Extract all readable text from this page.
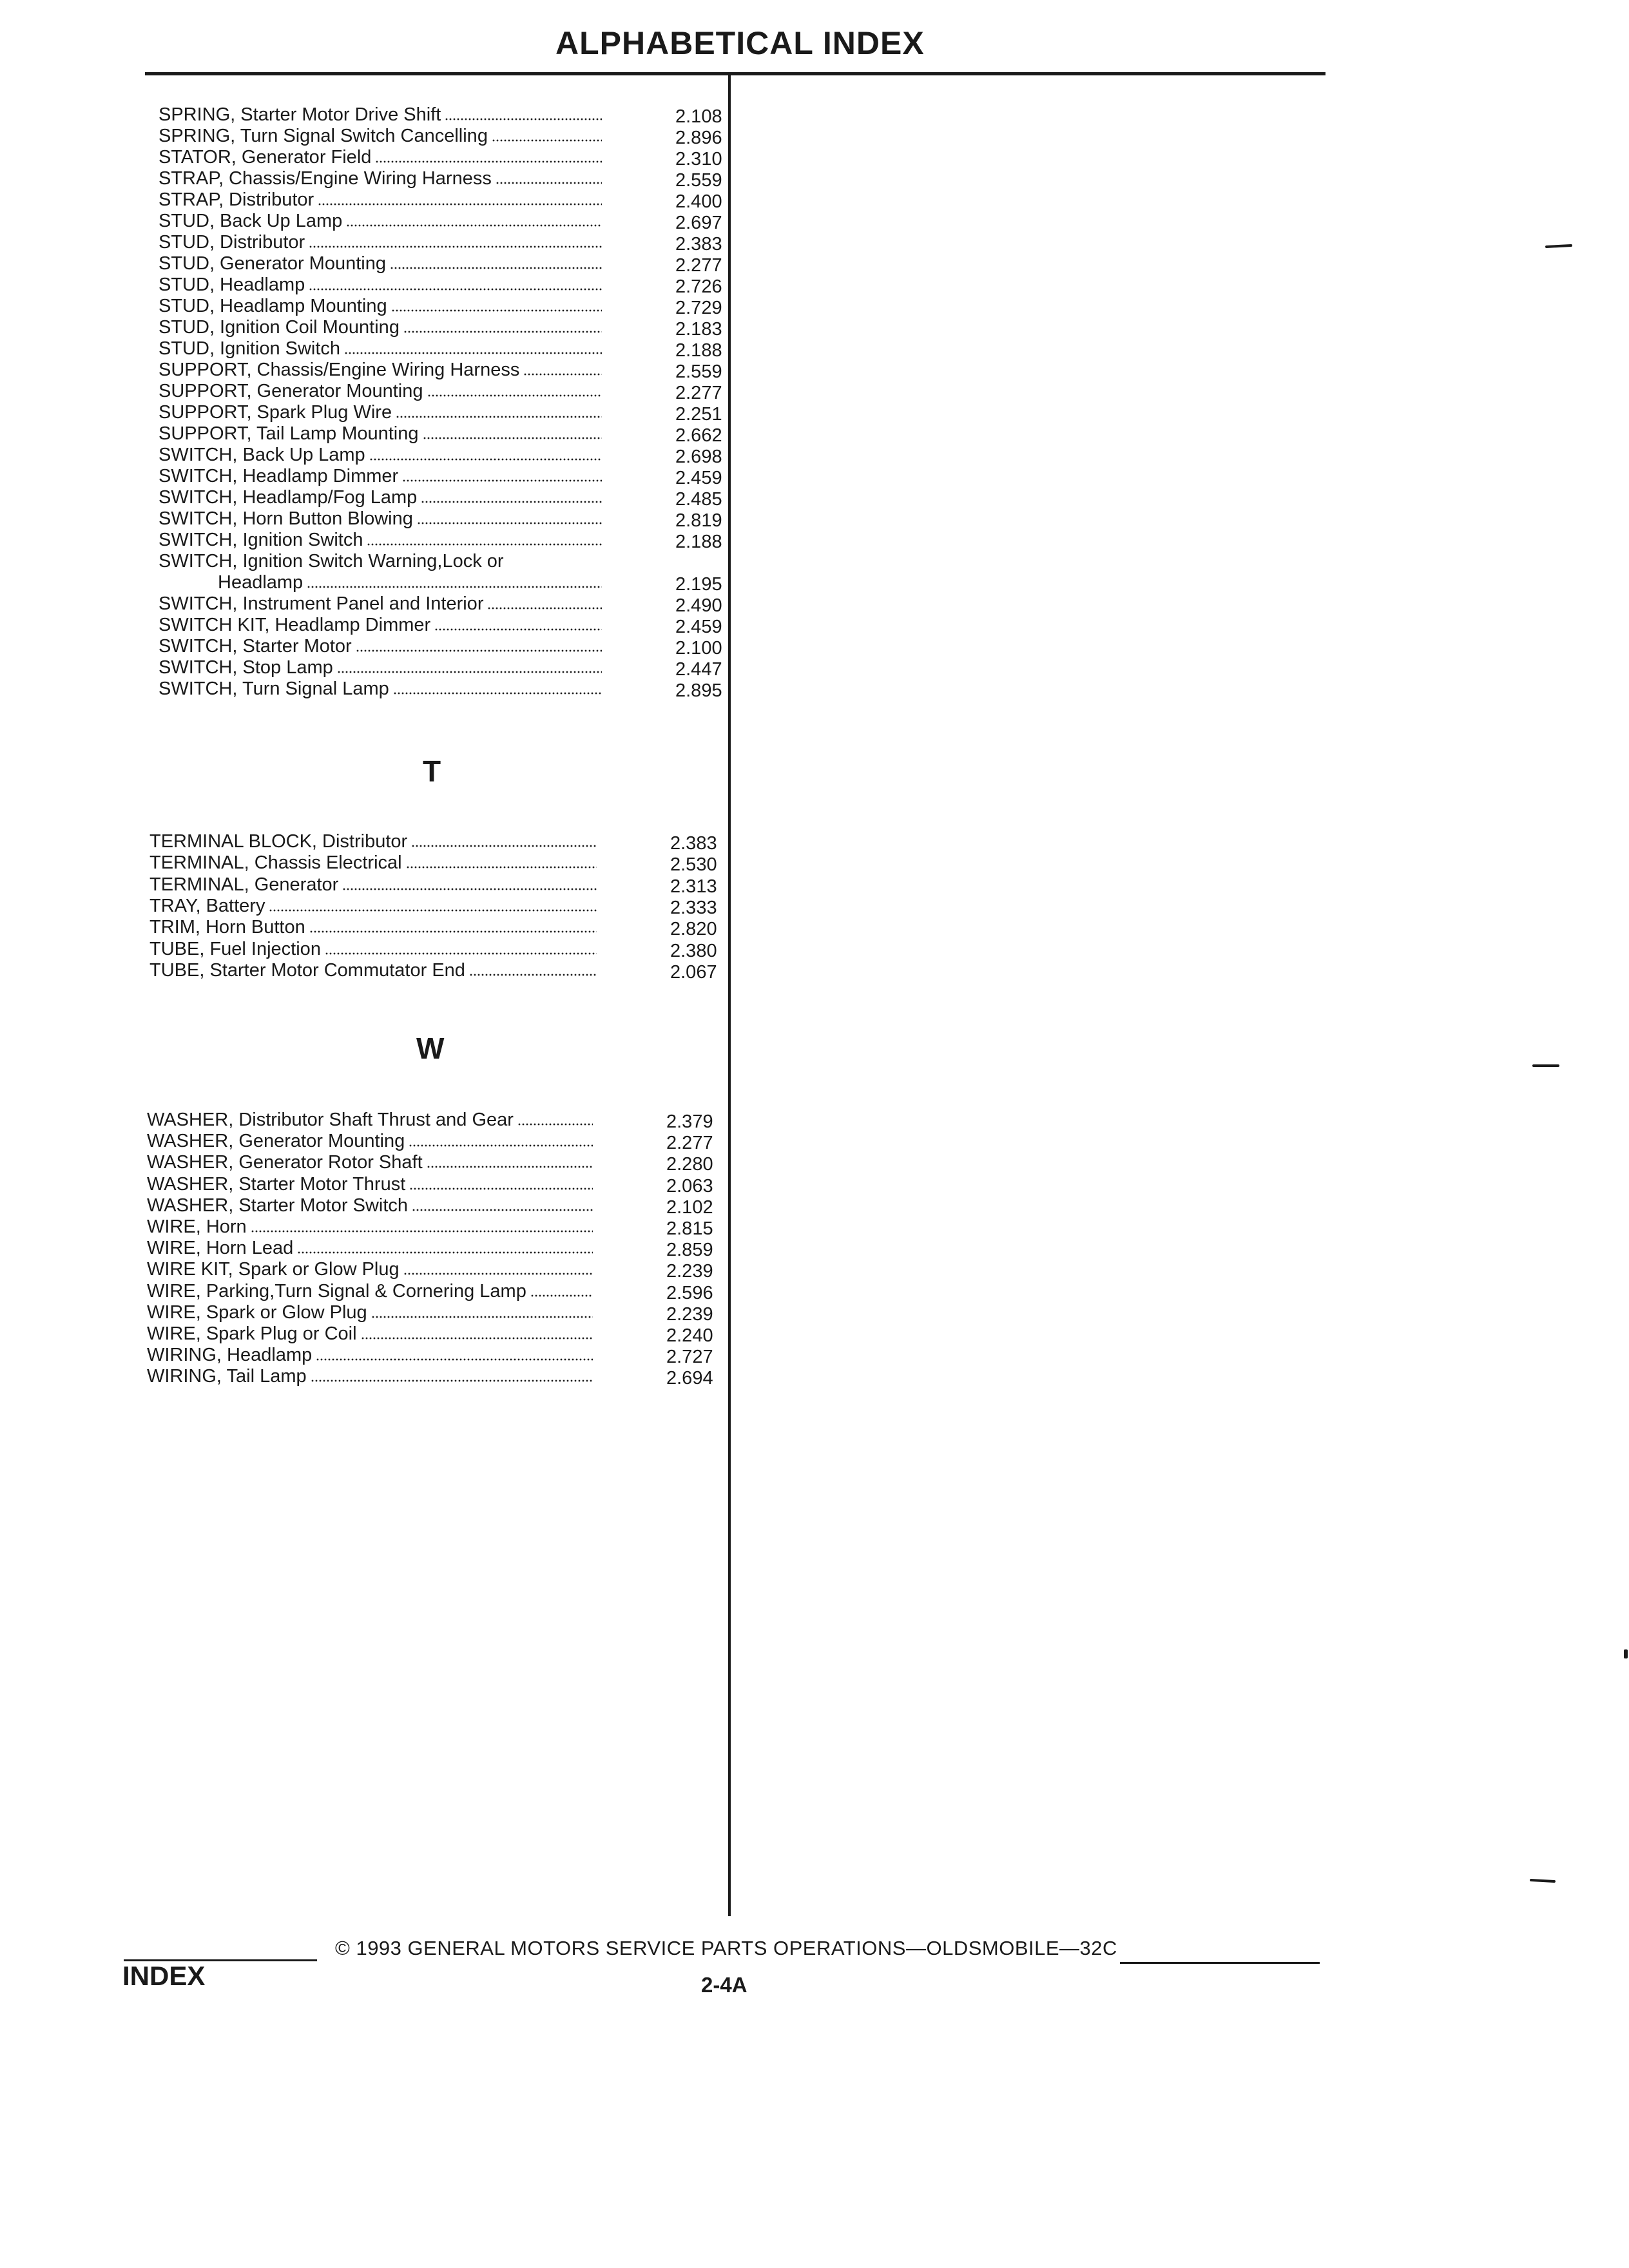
ALPHABETICAL INDEX
SPRING, Starter Motor Drive Shift	2.108
SPRING, Turn Signal Switch Cancelling	2.896
STATOR, Generator Field	2.310
STRAP, Chassis/Engine Wiring Harness	2.559
STRAP, Distributor	2.400
STUD, Back Up Lamp	2.697
STUD, Distributor	2.383
STUD, Generator Mounting	2.277
STUD, Headlamp	2.726
STUD, Headlamp Mounting	2.729
STUD, Ignition Coil Mounting	2.183
STUD, Ignition Switch	2.188
SUPPORT, Chassis/Engine Wiring Harness	2.559
SUPPORT, Generator Mounting	2.277
SUPPORT, Spark Plug Wire	2.251
SUPPORT, Tail Lamp Mounting	2.662
SWITCH, Back Up Lamp	2.698
SWITCH, Headlamp Dimmer	2.459
SWITCH, Headlamp/Fog Lamp	2.485
SWITCH, Horn Button Blowing	2.819
SWITCH, Ignition Switch	2.188
SWITCH, Ignition Switch Warning,Lock or
Headlamp	2.195
SWITCH, Instrument Panel and Interior	2.490
SWITCH KIT, Headlamp Dimmer	2.459
SWITCH, Starter Motor	2.100
SWITCH, Stop Lamp	2.447
SWITCH, Turn Signal Lamp	2.895
T
TERMINAL BLOCK, Distributor	2.383
TERMINAL, Chassis Electrical	2.530
TERMINAL, Generator	2.313
TRAY, Battery	2.333
TRIM, Horn Button	2.820
TUBE, Fuel Injection	2.380
TUBE, Starter Motor Commutator End	2.067
W
WASHER, Distributor Shaft Thrust and Gear	2.379
WASHER, Generator Mounting	2.277
WASHER, Generator Rotor Shaft	2.280
WASHER, Starter Motor Thrust	2.063
WASHER, Starter Motor Switch	2.102
WIRE, Horn	2.815
WIRE, Horn Lead	2.859
WIRE KIT, Spark or Glow Plug	2.239
WIRE, Parking,Turn Signal & Cornering Lamp	2.596
WIRE, Spark or Glow Plug	2.239
WIRE, Spark Plug or Coil	2.240
WIRING, Headlamp	2.727
WIRING, Tail Lamp	2.694
© 1993 GENERAL MOTORS SERVICE PARTS OPERATIONS—OLDSMOBILE—32C
INDEX	2-4A
